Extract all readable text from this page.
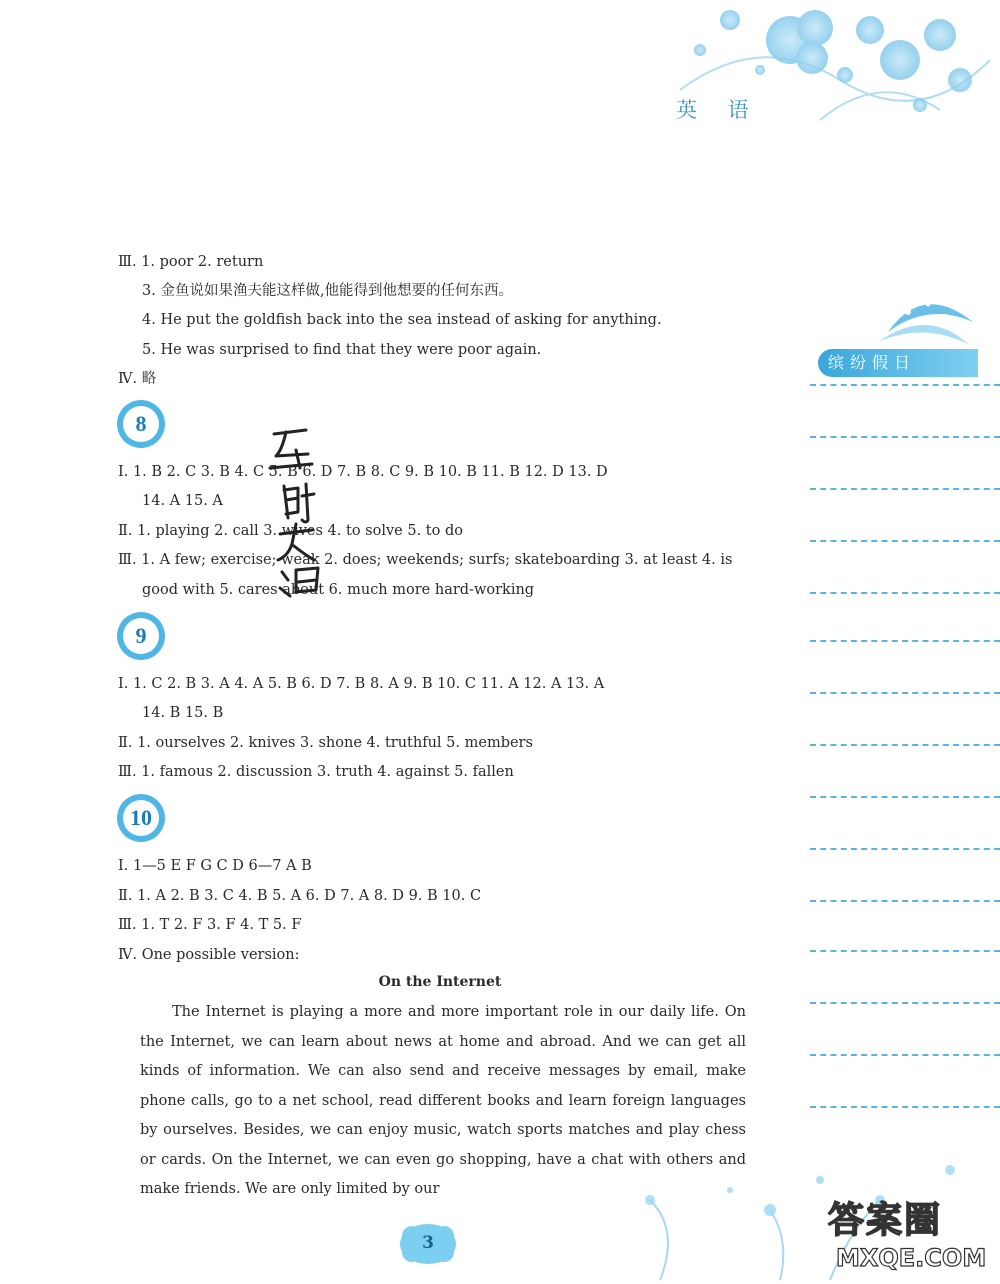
英 语
缤纷假日
Ⅲ. 1. poor 2. return
3. 金鱼说如果渔夫能这样做,他能得到他想要的任何东西。
4. He put the goldfish back into the sea instead of asking for anything.
5. He was surprised to find that they were poor again.
Ⅳ. 略
8
Ⅰ. 1. B 2. C 3. B 4. C 5. B 6. D 7. B 8. C 9. B 10. B 11. B 12. D 13. D
14. A 15. A
Ⅱ. 1. playing 2. call 3. wives 4. to solve 5. to do
Ⅲ. 1. A few; exercise; weak 2. does; weekends; surfs; skateboarding 3. at least 4. is
good with 5. cares about 6. much more hard-working
9
Ⅰ. 1. C 2. B 3. A 4. A 5. B 6. D 7. B 8. A 9. B 10. C 11. A 12. A 13. A
14. B 15. B
Ⅱ. 1. ourselves 2. knives 3. shone 4. truthful 5. members
Ⅲ. 1. famous 2. discussion 3. truth 4. against 5. fallen
10
Ⅰ. 1—5 E F G C D 6—7 A B
Ⅱ. 1. A 2. B 3. C 4. B 5. A 6. D 7. A 8. D 9. B 10. C
Ⅲ. 1. T 2. F 3. F 4. T 5. F
Ⅳ. One possible version:
On the Internet
The Internet is playing a more and more important role in our daily life. On the Internet, we can learn about news at home and abroad. And we can get all kinds of information. We can also send and receive messages by email, make phone calls, go to a net school, read different books and learn foreign languages by ourselves. Besides, we can enjoy music, watch sports matches and play chess or cards. On the Internet, we can even go shopping, have a chat with others and make friends. We are only limited by our
3
答案圈
MXQE.COM
